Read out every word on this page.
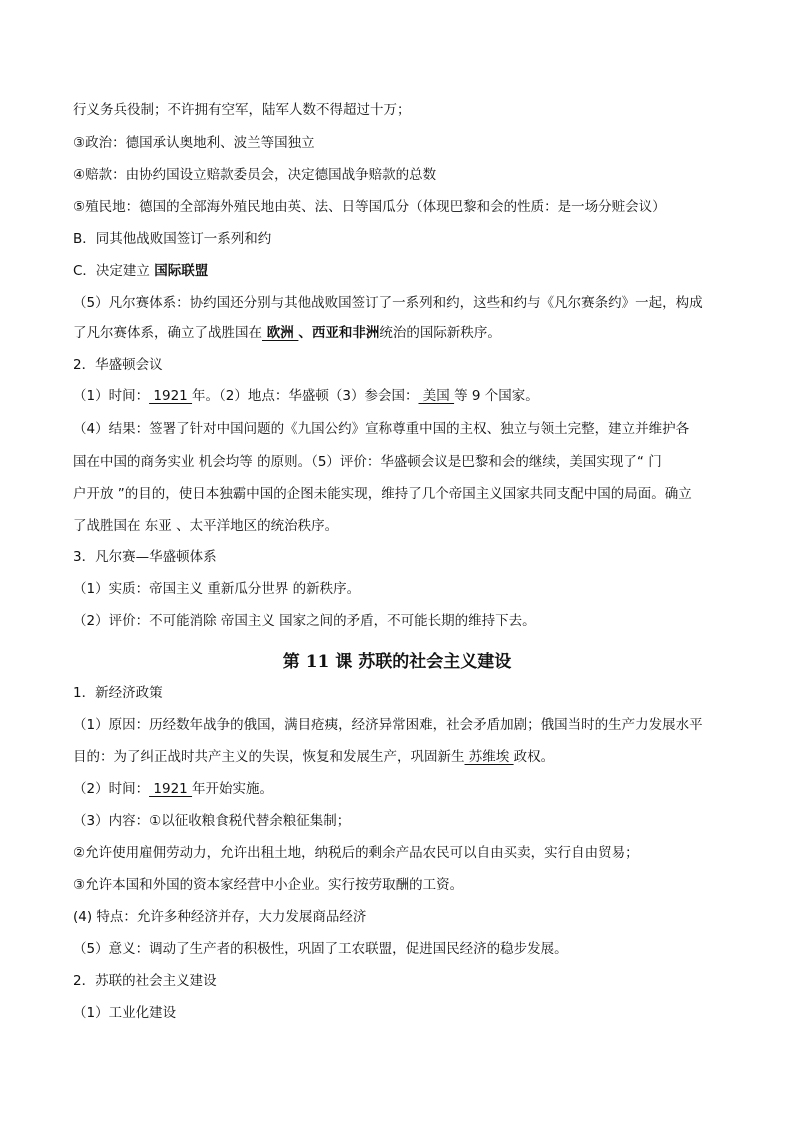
行义务兵役制；不许拥有空军，陆军人数不得超过十万；
③政治：德国承认奥地利、波兰等国独立
④赔款：由协约国设立赔款委员会，决定德国战争赔款的总数
⑤殖民地：德国的全部海外殖民地由英、法、日等国瓜分（体现巴黎和会的性质：是一场分赃会议）
B．同其他战败国签订一系列和约
C．决定建立 国际联盟
（5）凡尔赛体系：协约国还分别与其他战败国签订了一系列和约，这些和约与《凡尔赛条约》一起，构成
了凡尔赛体系，确立了战胜国在 欧洲 、西亚和非洲统治的国际新秩序。
2．华盛顿会议
（1）时间： 1921 年。（2）地点：华盛顿（3）参会国： 美国 等 9 个国家。
（4）结果：签署了针对中国问题的《九国公约》宣称尊重中国的主权、独立与领土完整，建立并维护各
国在中国的商务实业 机会均等 的原则。（5）评价：华盛顿会议是巴黎和会的继续，美国实现了“ 门
户开放 ”的目的，使日本独霸中国的企图未能实现，维持了几个帝国主义国家共同支配中国的局面。确立
了战胜国在 东亚 、太平洋地区的统治秩序。
3．凡尔赛—华盛顿体系
（1）实质：帝国主义 重新瓜分世界 的新秩序。
（2）评价：不可能消除 帝国主义 国家之间的矛盾，不可能长期的维持下去。
第 11 课 苏联的社会主义建设
1．新经济政策
（1）原因：历经数年战争的俄国，满目疮痍，经济异常困难，社会矛盾加剧；俄国当时的生产力发展水平
目的：为了纠正战时共产主义的失误，恢复和发展生产，巩固新生 苏维埃 政权。
（2）时间： 1921 年开始实施。
（3）内容：①以征收粮食税代替余粮征集制；
②允许使用雇佣劳动力，允许出租土地，纳税后的剩余产品农民可以自由买卖，实行自由贸易；
③允许本国和外国的资本家经营中小企业。实行按劳取酬的工资。
(4) 特点：允许多种经济并存，大力发展商品经济
（5）意义：调动了生产者的积极性，巩固了工农联盟，促进国民经济的稳步发展。
2．苏联的社会主义建设
（1）工业化建设
